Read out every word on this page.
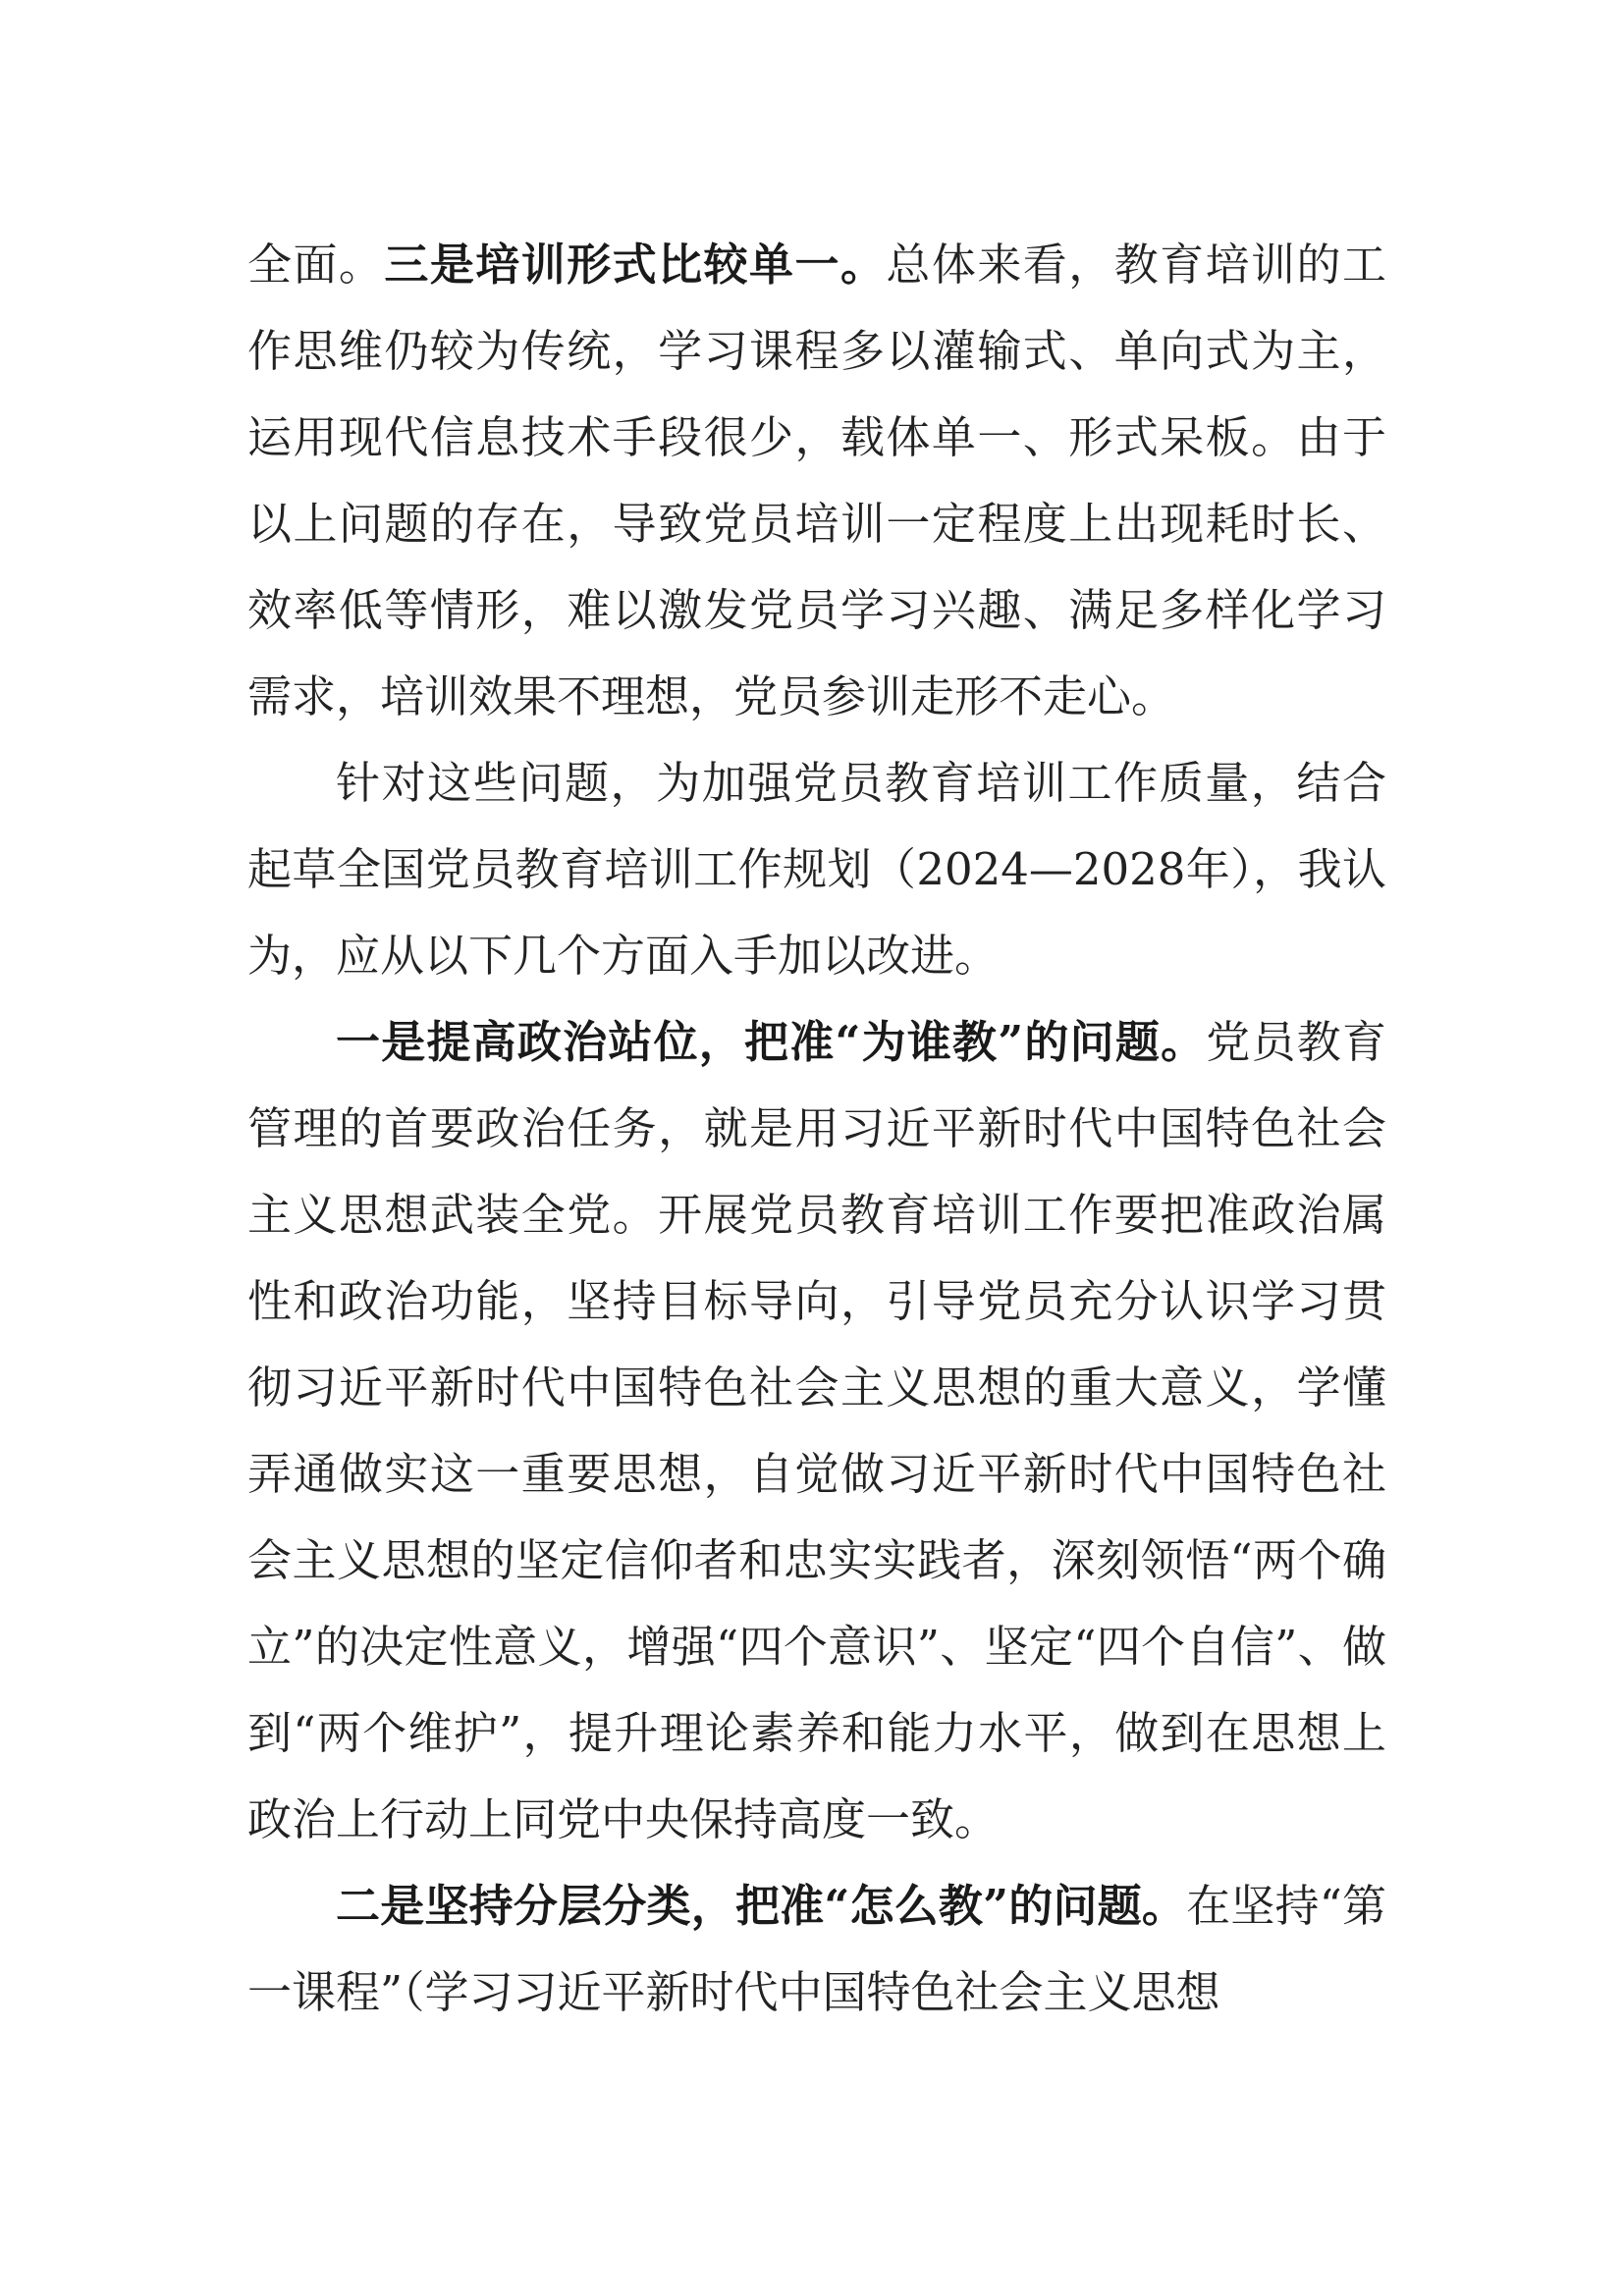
全面。三是培训形式比较单一。总体来看，教育培训的工作思维仍较为传统，学习课程多以灌输式、单向式为主，运用现代信息技术手段很少，载体单一、形式呆板。由于以上问题的存在，导致党员培训一定程度上出现耗时长、效率低等情形，难以激发党员学习兴趣、满足多样化学习需求，培训效果不理想，党员参训走形不走心。

针对这些问题，为加强党员教育培训工作质量，结合起草全国党员教育培训工作规划（2024—2028年），我认为，应从以下几个方面入手加以改进。

一是提高政治站位，把准“为谁教”的问题。党员教育管理的首要政治任务，就是用习近平新时代中国特色社会主义思想武装全党。开展党员教育培训工作要把准政治属性和政治功能，坚持目标导向，引导党员充分认识学习贯彻习近平新时代中国特色社会主义思想的重大意义，学懂弄通做实这一重要思想，自觉做习近平新时代中国特色社会主义思想的坚定信仰者和忠实实践者，深刻领悟“两个确立”的决定性意义，增强“四个意识”、坚定“四个自信”、做到“两个维护”，提升理论素养和能力水平，做到在思想上政治上行动上同党中央保持高度一致。

二是坚持分层分类，把准“怎么教”的问题。在坚持“第一课程”（学习习近平新时代中国特色社会主义思想
